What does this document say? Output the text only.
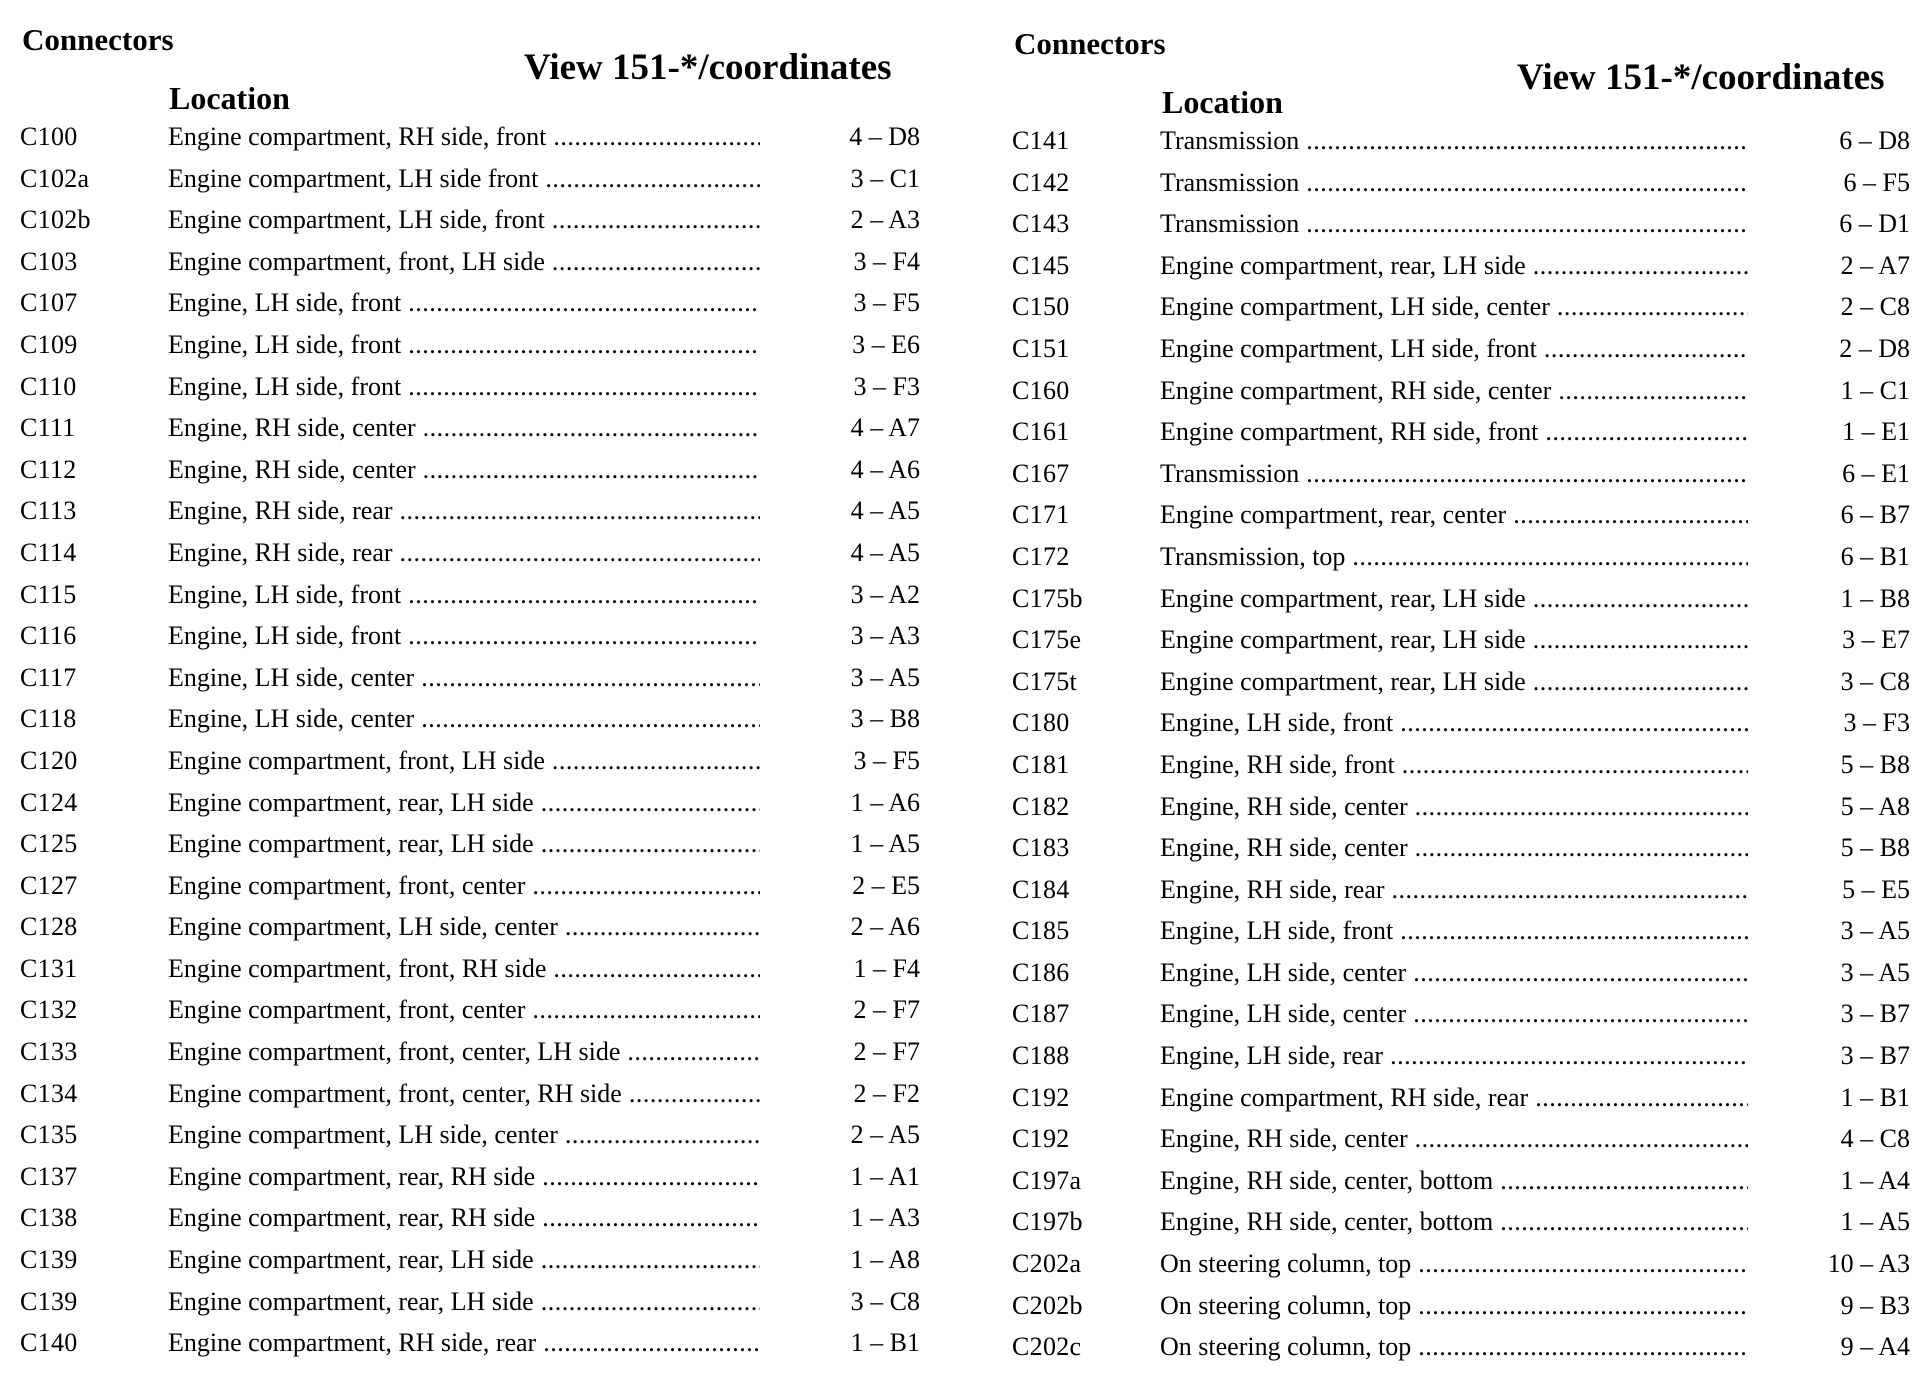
Connectors
Location
View 151-*/coordinates
C100	Engine compartment, RH side, front .....	4 – D8
C102a	Engine compartment, LH side front .....	3 – C1
C102b	Engine compartment, LH side, front .....	2 – A3
C103	Engine compartment, front, LH side .....	3 – F4
C107	Engine, LH side, front .....	3 – F5
C109	Engine, LH side, front .....	3 – E6
C110	Engine, LH side, front .....	3 – F3
C111	Engine, RH side, center .....	4 – A7
C112	Engine, RH side, center .....	4 – A6
C113	Engine, RH side, rear .....	4 – A5
C114	Engine, RH side, rear .....	4 – A5
C115	Engine, LH side, front .....	3 – A2
C116	Engine, LH side, front .....	3 – A3
C117	Engine, LH side, center .....	3 – A5
C118	Engine, LH side, center .....	3 – B8
C120	Engine compartment, front, LH side .....	3 – F5
C124	Engine compartment, rear, LH side .....	1 – A6
C125	Engine compartment, rear, LH side .....	1 – A5
C127	Engine compartment, front, center .....	2 – E5
C128	Engine compartment, LH side, center .....	2 – A6
C131	Engine compartment, front, RH side .....	1 – F4
C132	Engine compartment, front, center .....	2 – F7
C133	Engine compartment, front, center, LH side .....	2 – F7
C134	Engine compartment, front, center, RH side .....	2 – F2
C135	Engine compartment, LH side, center .....	2 – A5
C137	Engine compartment, rear, RH side .....	1 – A1
C138	Engine compartment, rear, RH side .....	1 – A3
C139	Engine compartment, rear, LH side .....	1 – A8
C139	Engine compartment, rear, LH side .....	3 – C8
C140	Engine compartment, RH side, rear .....	1 – B1
Connectors
Location
View 151-*/coordinates
C141	Transmission .....	6 – D8
C142	Transmission .....	6 – F5
C143	Transmission .....	6 – D1
C145	Engine compartment, rear, LH side .....	2 – A7
C150	Engine compartment, LH side, center .....	2 – C8
C151	Engine compartment, LH side, front .....	2 – D8
C160	Engine compartment, RH side, center .....	1 – C1
C161	Engine compartment, RH side, front .....	1 – E1
C167	Transmission .....	6 – E1
C171	Engine compartment, rear, center .....	6 – B7
C172	Transmission, top .....	6 – B1
C175b	Engine compartment, rear, LH side .....	1 – B8
C175e	Engine compartment, rear, LH side .....	3 – E7
C175t	Engine compartment, rear, LH side .....	3 – C8
C180	Engine, LH side, front .....	3 – F3
C181	Engine, RH side, front .....	5 – B8
C182	Engine, RH side, center .....	5 – A8
C183	Engine, RH side, center .....	5 – B8
C184	Engine, RH side, rear .....	5 – E5
C185	Engine, LH side, front .....	3 – A5
C186	Engine, LH side, center .....	3 – A5
C187	Engine, LH side, center .....	3 – B7
C188	Engine, LH side, rear .....	3 – B7
C192	Engine compartment, RH side, rear .....	1 – B1
C192	Engine, RH side, center .....	4 – C8
C197a	Engine, RH side, center, bottom .....	1 – A4
C197b	Engine, RH side, center, bottom .....	1 – A5
C202a	On steering column, top .....	10 – A3
C202b	On steering column, top .....	9 – B3
C202c	On steering column, top .....	9 – A4
